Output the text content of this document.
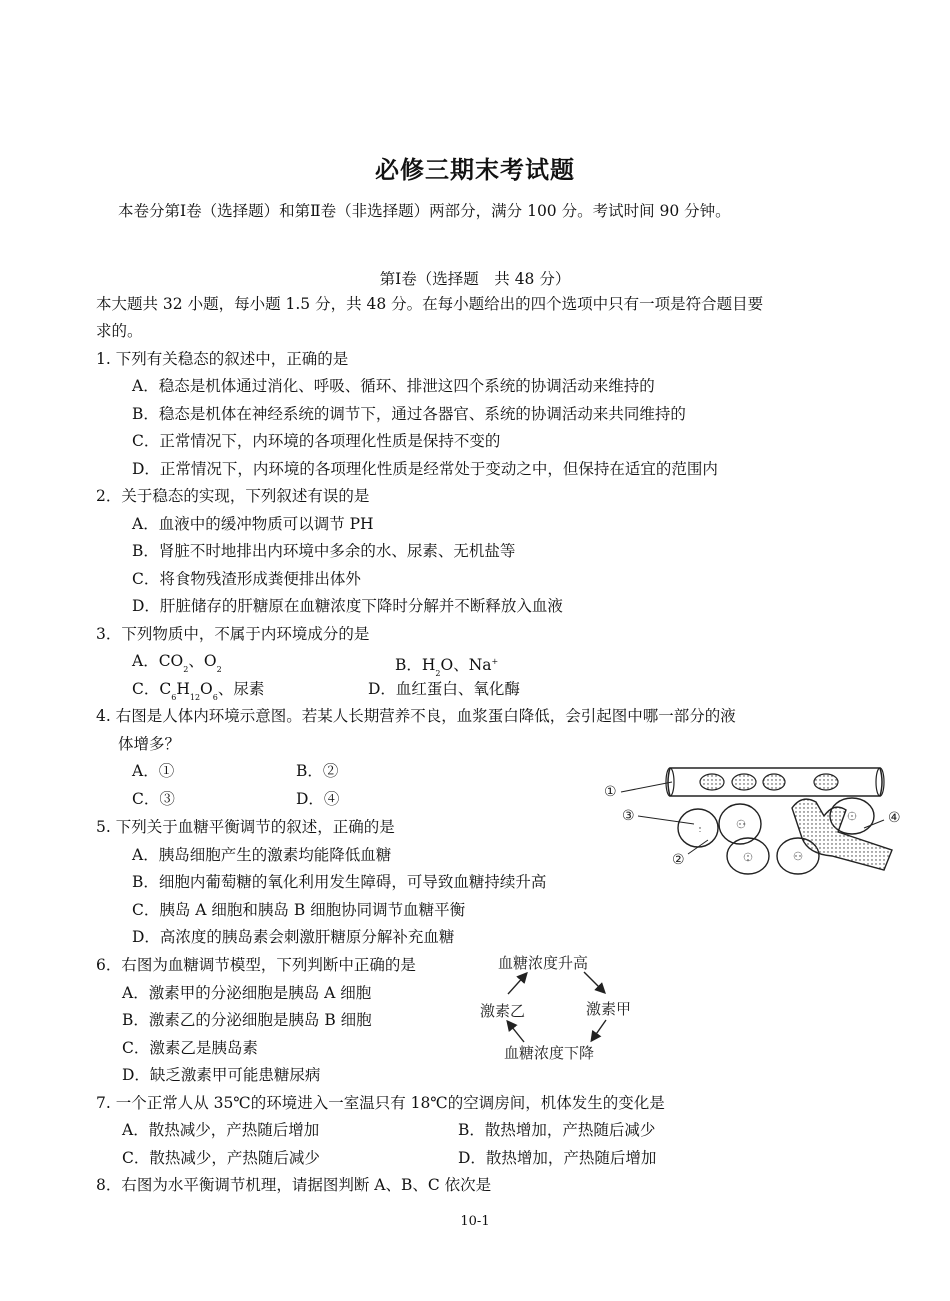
必修三期末考试题
本卷分第Ⅰ卷（选择题）和第Ⅱ卷（非选择题）两部分，满分 100 分。考试时间 90 分钟。
第Ⅰ卷（选择题　共 48 分）
本大题共 32 小题，每小题 1.5 分，共 48 分。在每小题给出的四个选项中只有一项是符合题目要
求的。
1. 下列有关稳态的叙述中，正确的是
A．稳态是机体通过消化、呼吸、循环、排泄这四个系统的协调活动来维持的
B．稳态是机体在神经系统的调节下，通过各器官、系统的协调活动来共同维持的
C．正常情况下，内环境的各项理化性质是保持不变的
D．正常情况下，内环境的各项理化性质是经常处于变动之中，但保持在适宜的范围内
2．关于稳态的实现，下列叙述有误的是
A．血液中的缓冲物质可以调节 PH
B．肾脏不时地排出内环境中多余的水、尿素、无机盐等
C．将食物残渣形成粪便排出体外
D．肝脏储存的肝糖原在血糖浓度下降时分解并不断释放入血液
3．下列物质中，不属于内环境成分的是
A．$CO_2$、$O_2$	B．$H_2O$、Na+
C．$C_6H_{12}O_6$、尿素	D．血红蛋白、氧化酶
4. 右图是人体内环境示意图。若某人长期营养不良，血浆蛋白降低，会引起图中哪一部分的液
体增多？
A．①	B．②
C．③	D．④	①
②
③	④
5. 下列关于血糖平衡调节的叙述，正确的是
A．胰岛细胞产生的激素均能降低血糖
B．细胞内葡萄糖的氧化利用发生障碍，可导致血糖持续升高
C．胰岛 A 细胞和胰岛 B 细胞协同调节血糖平衡
D．高浓度的胰岛素会刺激肝糖原分解补充血糖
6．右图为血糖调节模型，下列判断中正确的是
A．激素甲的分泌细胞是胰岛 A 细胞
B．激素乙的分泌细胞是胰岛 B 细胞
C．激素乙是胰岛素
D．缺乏激素甲可能患糖尿病
血糖浓度升高
激素甲
血糖浓度下降
激素乙
7. 一个正常人从 35℃的环境进入一室温只有 18℃的空调房间，机体发生的变化是
A．散热减少，产热随后增加	B．散热增加，产热随后减少
C．散热减少，产热随后减少	D．散热增加，产热随后增加
8．右图为水平衡调节机理，请据图判断 A、B、C 依次是
10-1
